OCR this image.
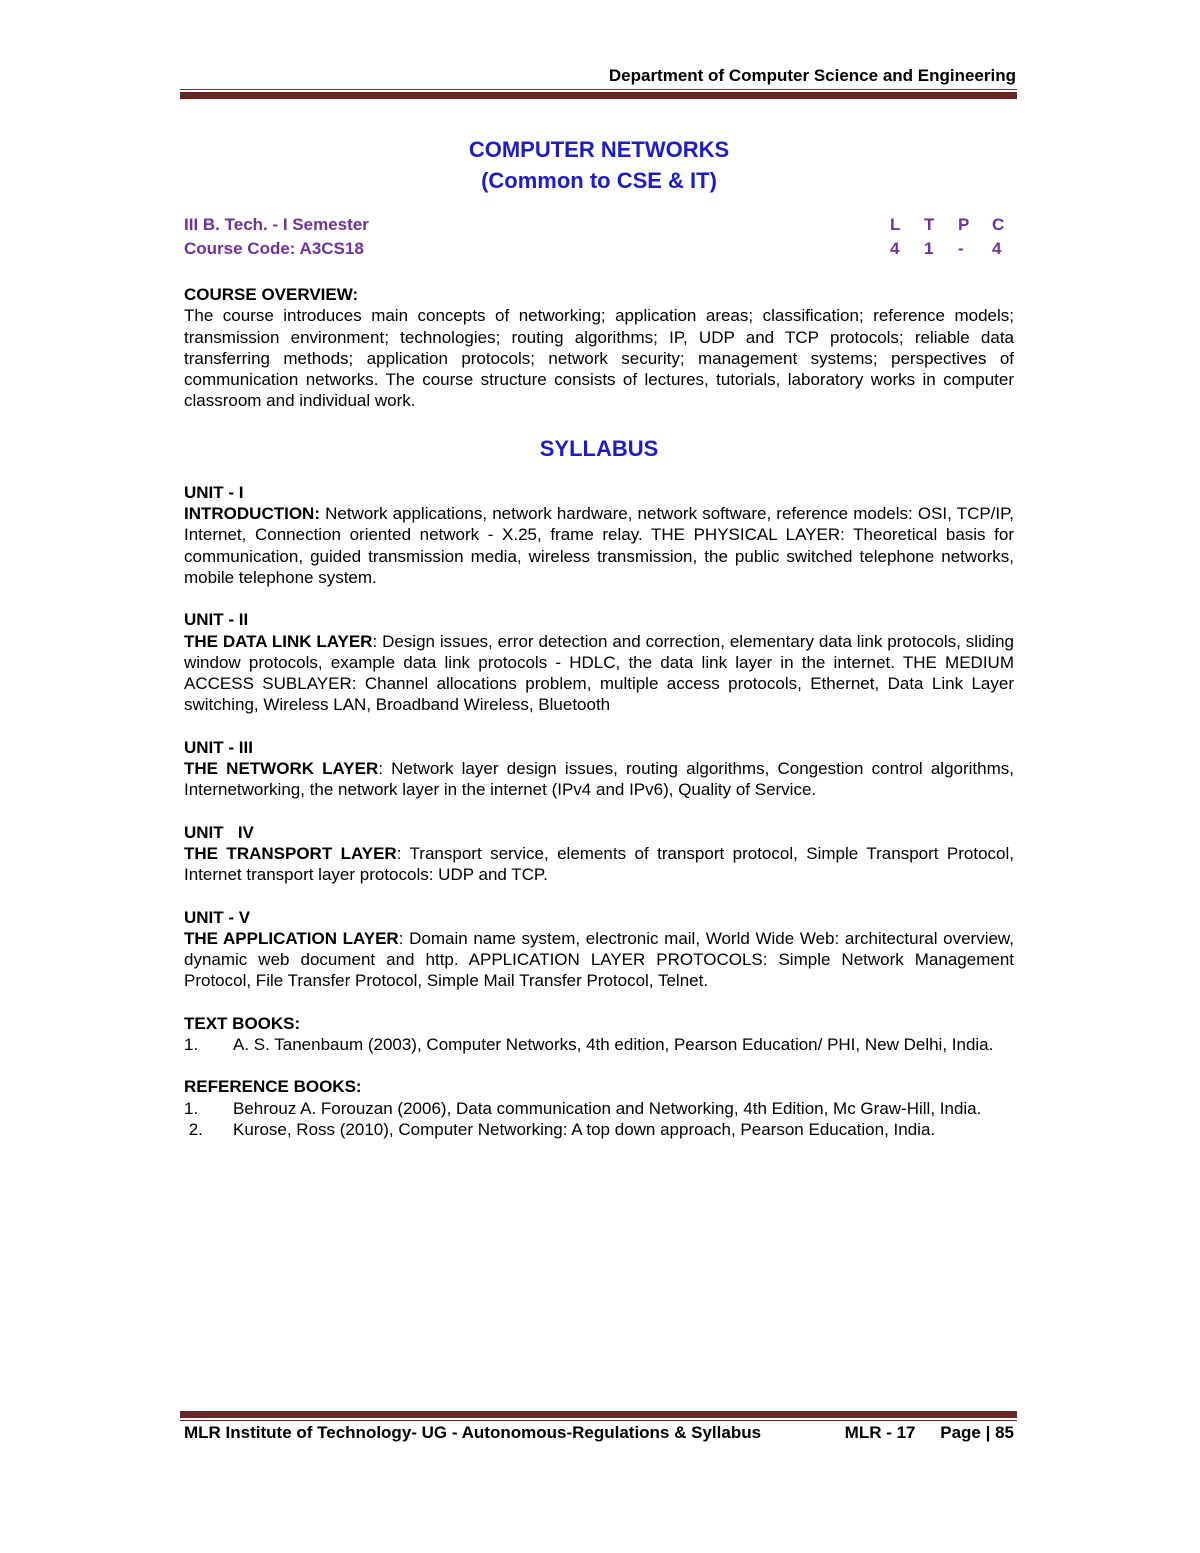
Department of Computer Science and Engineering
COMPUTER NETWORKS
(Common to CSE & IT)
III B. Tech. - I Semester	L	T	P	C
Course Code: A3CS18	4	1	-	4
COURSE OVERVIEW:
The course introduces main concepts of networking; application areas; classification; reference models; transmission environment; technologies; routing algorithms; IP, UDP and TCP protocols; reliable data transferring methods; application protocols; network security; management systems; perspectives of communication networks. The course structure consists of lectures, tutorials, laboratory works in computer classroom and individual work.
SYLLABUS
UNIT - I
INTRODUCTION: Network applications, network hardware, network software, reference models: OSI, TCP/IP, Internet, Connection oriented network - X.25, frame relay. THE PHYSICAL LAYER: Theoretical basis for communication, guided transmission media, wireless transmission, the public switched telephone networks, mobile telephone system.
UNIT - II
THE DATA LINK LAYER: Design issues, error detection and correction, elementary data link protocols, sliding window protocols, example data link protocols - HDLC, the data link layer in the internet. THE MEDIUM ACCESS SUBLAYER: Channel allocations problem, multiple access protocols, Ethernet, Data Link Layer switching, Wireless LAN, Broadband Wireless, Bluetooth
UNIT - III
THE NETWORK LAYER: Network layer design issues, routing algorithms, Congestion control algorithms, Internetworking, the network layer in the internet (IPv4 and IPv6), Quality of Service.
UNIT   IV
THE TRANSPORT LAYER: Transport service, elements of transport protocol, Simple Transport Protocol, Internet transport layer protocols: UDP and TCP.
UNIT - V
THE APPLICATION LAYER: Domain name system, electronic mail, World Wide Web: architectural overview, dynamic web document and http. APPLICATION LAYER PROTOCOLS: Simple Network Management Protocol, File Transfer Protocol, Simple Mail Transfer Protocol, Telnet.
TEXT BOOKS:
1.	A. S. Tanenbaum (2003), Computer Networks, 4th edition, Pearson Education/ PHI, New Delhi, India.
REFERENCE BOOKS:
1.	Behrouz A. Forouzan (2006), Data communication and Networking, 4th Edition, Mc Graw-Hill, India.
2.	Kurose, Ross (2010), Computer Networking: A top down approach, Pearson Education, India.
MLR Institute of Technology- UG - Autonomous-Regulations & Syllabus	MLR - 17 Page | 85
